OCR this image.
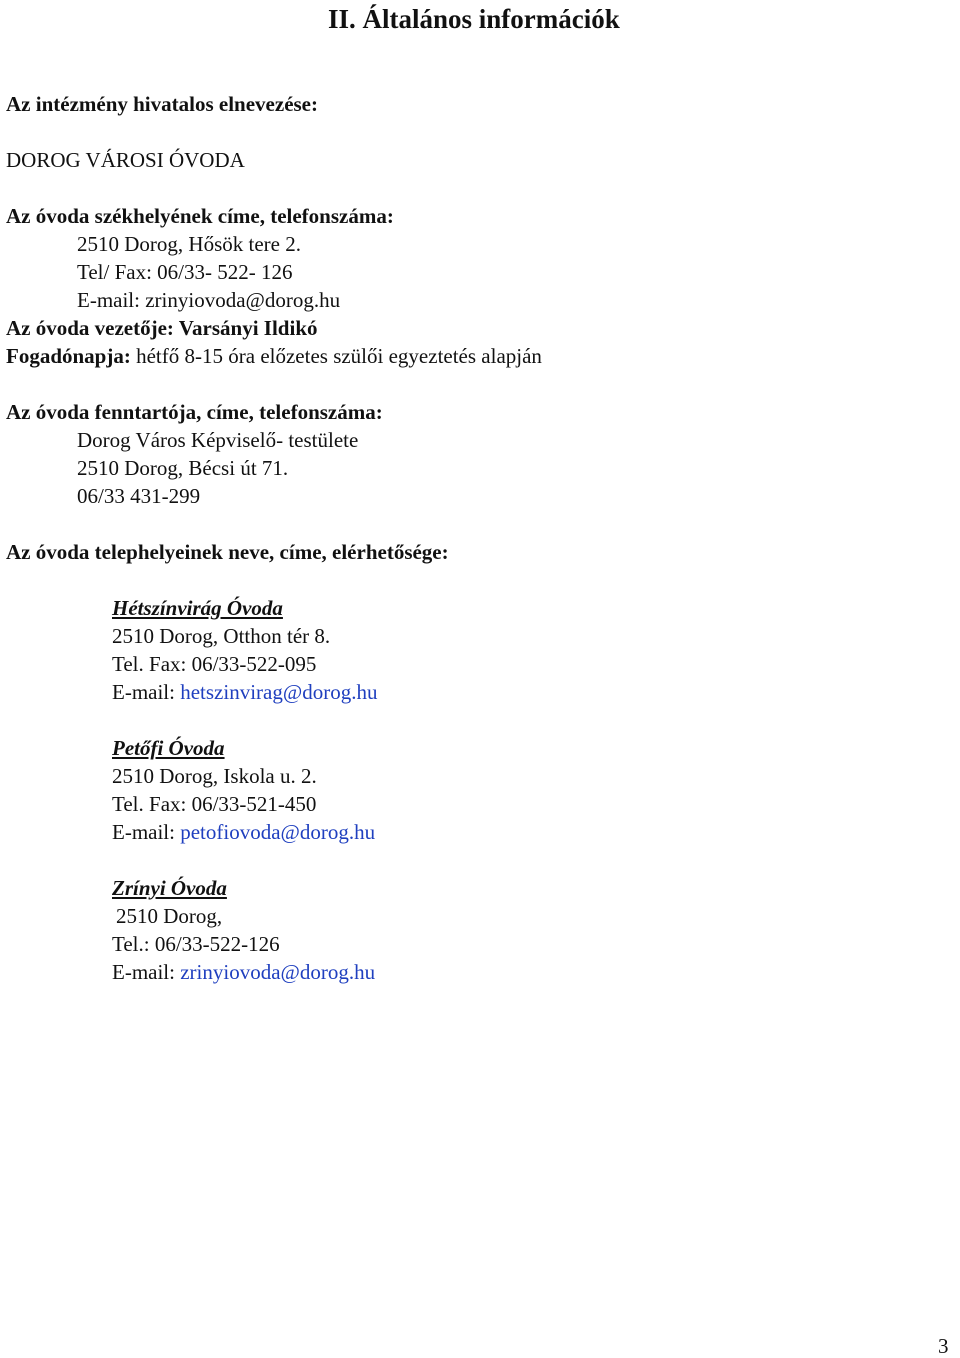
II. Általános információk
Az intézmény hivatalos elnevezése:
DOROG VÁROSI ÓVODA
Az óvoda székhelyének címe, telefonszáma:
2510 Dorog, Hősök tere 2.
Tel/ Fax: 06/33- 522- 126
E-mail: zrinyiovoda@dorog.hu
Az óvoda vezetője: Varsányi Ildikó
Fogadónapja: hétfő 8-15 óra előzetes szülői egyeztetés alapján
Az óvoda fenntartója, címe, telefonszáma:
Dorog Város Képviselő- testülete
2510 Dorog, Bécsi út 71.
06/33 431-299
Az óvoda telephelyeinek neve, címe, elérhetősége:
Hétszínvirág Óvoda
2510 Dorog, Otthon tér 8.
Tel. Fax: 06/33-522-095
E-mail: hetszinvirag@dorog.hu
Petőfi Óvoda
2510 Dorog, Iskola u. 2.
Tel. Fax: 06/33-521-450
E-mail: petofiovoda@dorog.hu
Zrínyi Óvoda
2510 Dorog,
Tel.: 06/33-522-126
E-mail: zrinyiovoda@dorog.hu
3
